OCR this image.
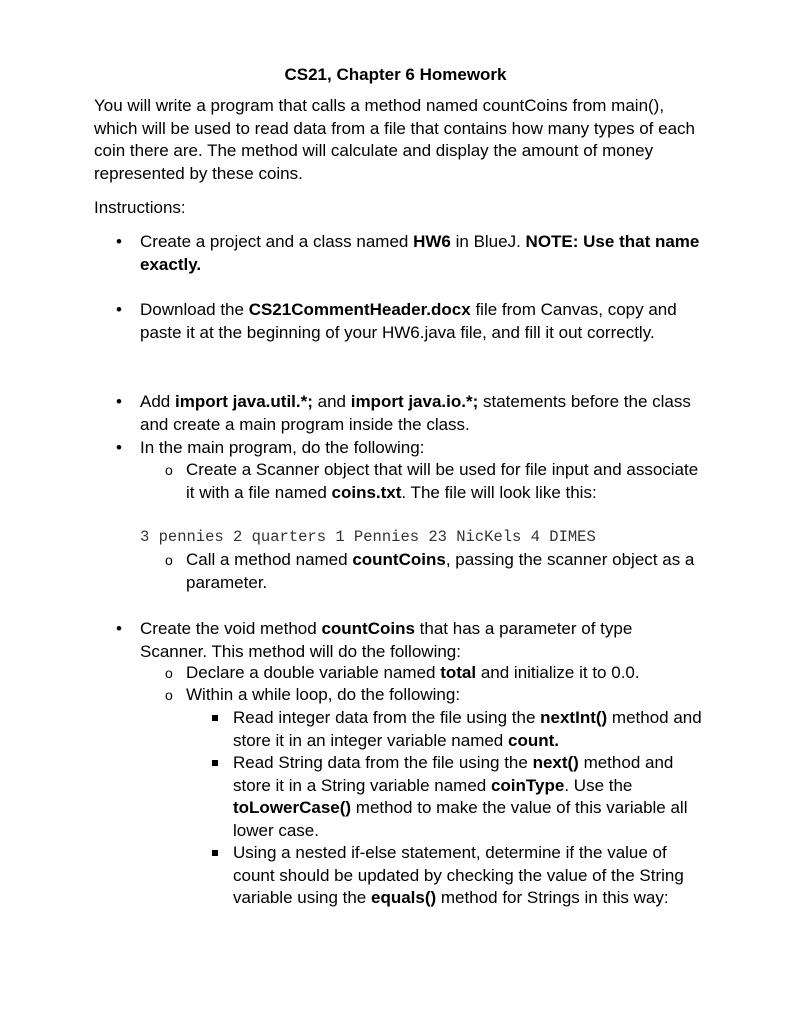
CS21, Chapter 6 Homework
You will write a program that calls a method named countCoins from main(), which will be used to read data from a file that contains how many types of each coin there are. The method will calculate and display the amount of money represented by these coins.
Instructions:
• Create a project and a class named HW6 in BlueJ. NOTE: Use that name exactly.
• Download the CS21CommentHeader.docx file from Canvas, copy and paste it at the beginning of your HW6.java file, and fill it out correctly.
• Add import java.util.*; and import java.io.*; statements before the class and create a main program inside the class.
• In the main program, do the following:
o Create a Scanner object that will be used for file input and associate it with a file named coins.txt. The file will look like this:
3 pennies 2 quarters 1 Pennies 23 NicKels 4 DIMES
o Call a method named countCoins, passing the scanner object as a parameter.
• Create the void method countCoins that has a parameter of type Scanner. This method will do the following:
o Declare a double variable named total and initialize it to 0.0.
o Within a while loop, do the following:
Read integer data from the file using the nextInt() method and store it in an integer variable named count.
Read String data from the file using the next() method and store it in a String variable named coinType. Use the toLowerCase() method to make the value of this variable all lower case.
Using a nested if-else statement, determine if the value of count should be updated by checking the value of the String variable using the equals() method for Strings in this way:
